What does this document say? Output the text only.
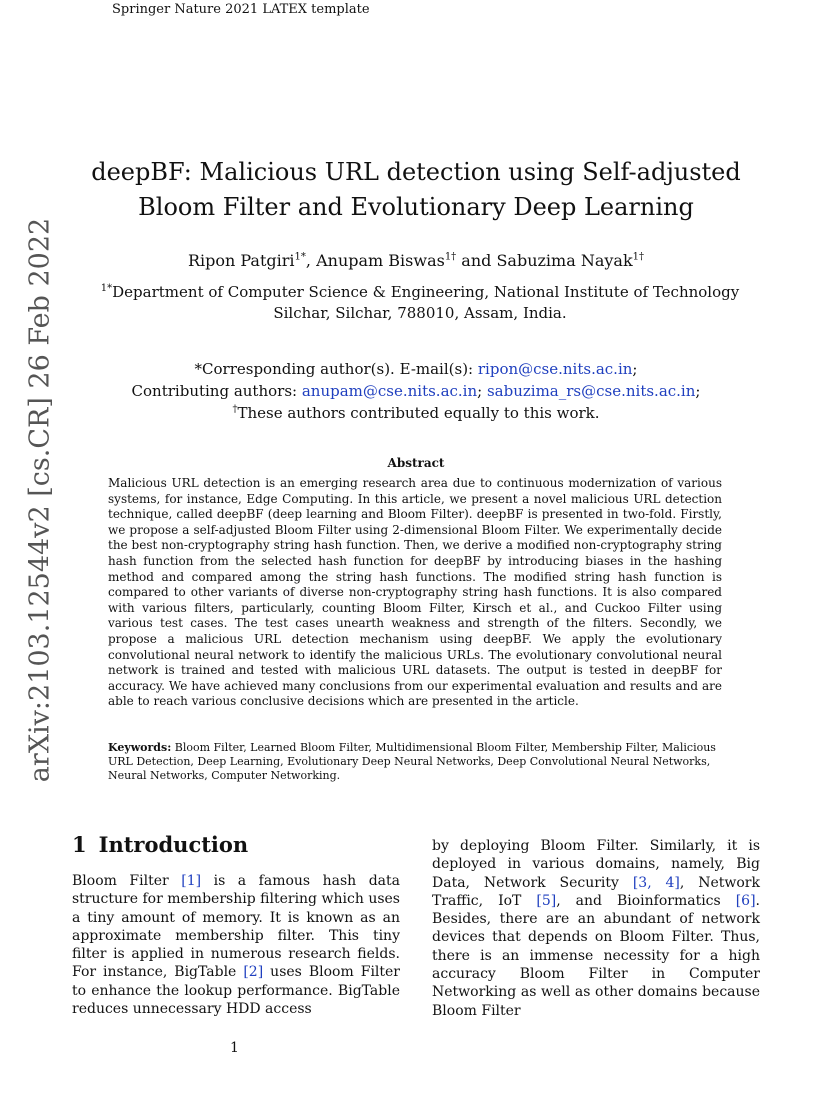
Springer Nature 2021 LATEX template
arXiv:2103.12544v2 [cs.CR] 26 Feb 2022
deepBF: Malicious URL detection using Self-adjusted Bloom Filter and Evolutionary Deep Learning
Ripon Patgiri$^{1*}$, Anupam Biswas$^{1\dagger}$ and Sabuzima Nayak$^{1\dagger}$
$^{1*}$Department of Computer Science & Engineering, National Institute of Technology Silchar, Silchar, 788010, Assam, India.
*Corresponding author(s). E-mail(s): ripon@cse.nits.ac.in;
Contributing authors: anupam@cse.nits.ac.in; sabuzima_rs@cse.nits.ac.in;
†These authors contributed equally to this work.
Abstract
Malicious URL detection is an emerging research area due to continuous modernization of various systems, for instance, Edge Computing. In this article, we present a novel malicious URL detection technique, called deepBF (deep learning and Bloom Filter). deepBF is presented in two-fold. Firstly, we propose a self-adjusted Bloom Filter using 2-dimensional Bloom Filter. We experimentally decide the best non-cryptography string hash function. Then, we derive a modified non-cryptography string hash function from the selected hash function for deepBF by introducing biases in the hashing method and compared among the string hash functions. The modified string hash function is compared to other variants of diverse non-cryptography string hash functions. It is also compared with various filters, particularly, counting Bloom Filter, Kirsch et al., and Cuckoo Filter using various test cases. The test cases unearth weakness and strength of the filters. Secondly, we propose a malicious URL detection mechanism using deepBF. We apply the evolutionary convolutional neural network to identify the malicious URLs. The evolutionary convolutional neural network is trained and tested with malicious URL datasets. The output is tested in deepBF for accuracy. We have achieved many conclusions from our experimental evaluation and results and are able to reach various conclusive decisions which are presented in the article.
Keywords: Bloom Filter, Learned Bloom Filter, Multidimensional Bloom Filter, Membership Filter, Malicious URL Detection, Deep Learning, Evolutionary Deep Neural Networks, Deep Convolutional Neural Networks, Neural Networks, Computer Networking.
1 Introduction
Bloom Filter [1] is a famous hash data structure for membership filtering which uses a tiny amount of memory. It is known as an approximate membership filter. This tiny filter is applied in numerous research fields. For instance, BigTable [2] uses Bloom Filter to enhance the lookup performance. BigTable reduces unnecessary HDD access
by deploying Bloom Filter. Similarly, it is deployed in various domains, namely, Big Data, Network Security [3, 4], Network Traffic, IoT [5], and Bioinformatics [6]. Besides, there are an abundant of network devices that depends on Bloom Filter. Thus, there is an immense necessity for a high accuracy Bloom Filter in Computer Networking as well as other domains because Bloom Filter
1
